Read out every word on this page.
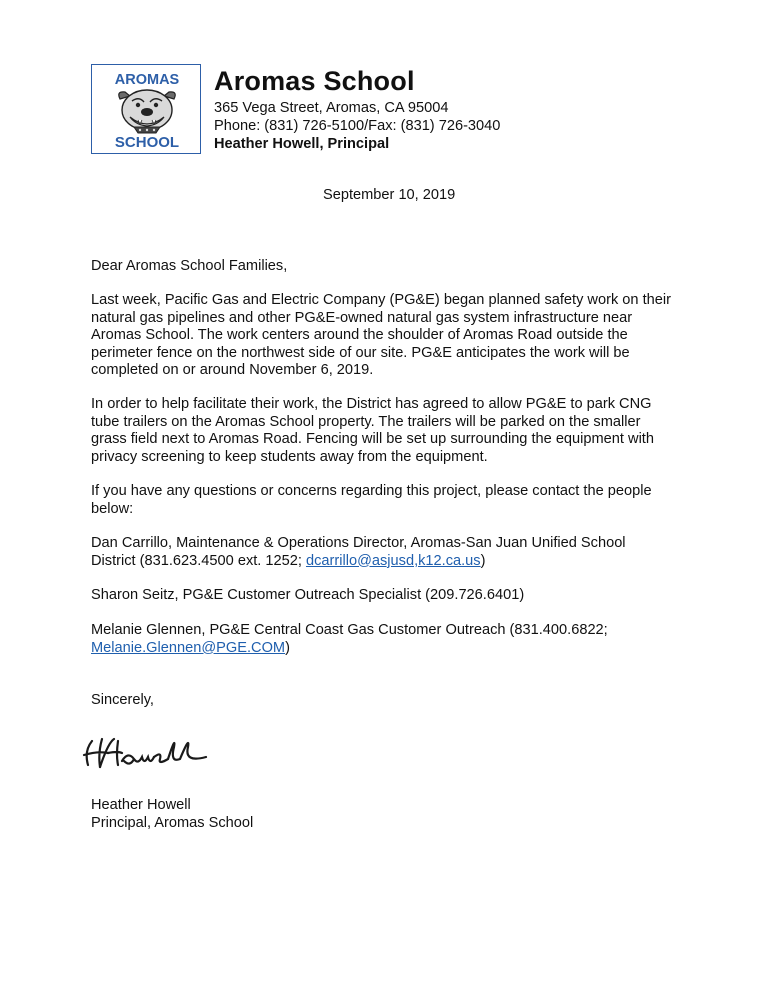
AROMAS
SCHOOL
Aromas School
365 Vega Street, Aromas, CA 95004
Phone: (831) 726-5100/Fax: (831) 726-3040
Heather Howell, Principal
September 10, 2019

Dear Aromas School Families,

Last week, Pacific Gas and Electric Company (PG&E) began planned safety work on their
natural gas pipelines and other PG&E-owned natural gas system infrastructure near
Aromas School. The work centers around the shoulder of Aromas Road outside the
perimeter fence on the northwest side of our site. PG&E anticipates the work will be
completed on or around November 6, 2019.

In order to help facilitate their work, the District has agreed to allow PG&E to park CNG
tube trailers on the Aromas School property. The trailers will be parked on the smaller
grass field next to Aromas Road. Fencing will be set up surrounding the equipment with
privacy screening to keep students away from the equipment.

If you have any questions or concerns regarding this project, please contact the people
below:

Dan Carrillo, Maintenance & Operations Director, Aromas-San Juan Unified School
District (831.623.4500 ext. 1252; dcarrillo@asjusd,k12.ca.us)

Sharon Seitz, PG&E Customer Outreach Specialist (209.726.6401)

Melanie Glennen, PG&E Central Coast Gas Customer Outreach (831.400.6822;
Melanie.Glennen@PGE.COM)

Sincerely,

Heather Howell
Principal, Aromas School
